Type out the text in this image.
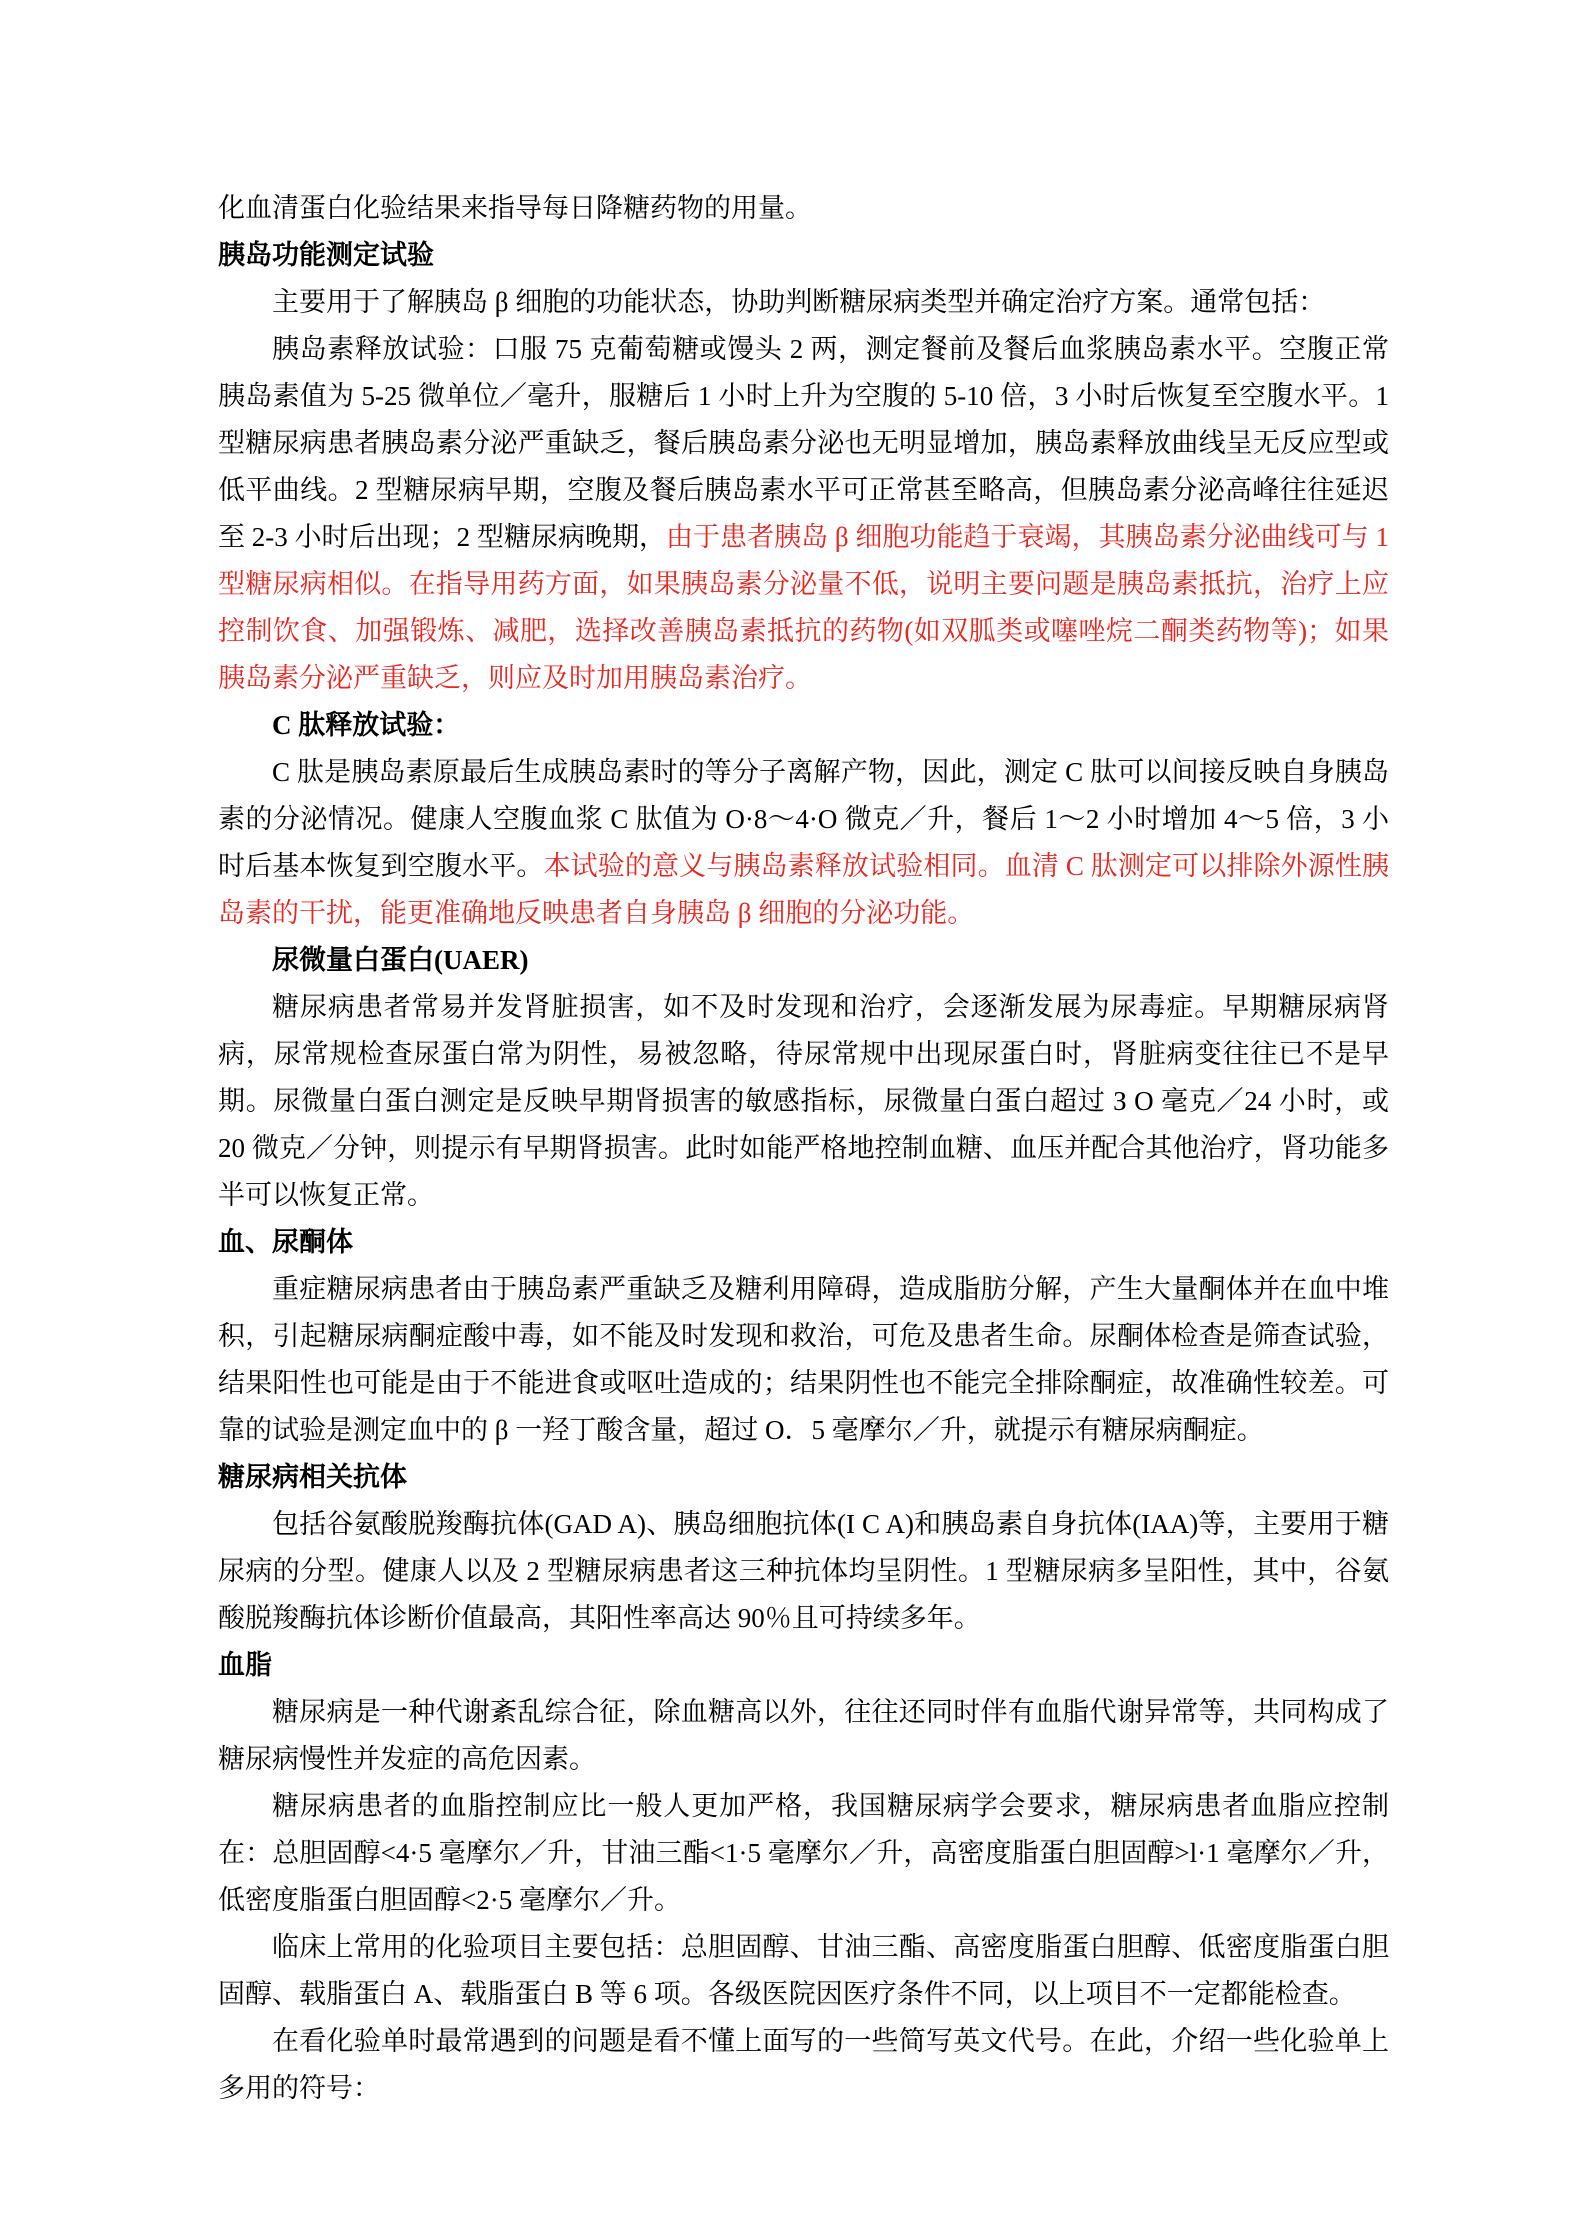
化血清蛋白化验结果来指导每日降糖药物的用量。

胰岛功能测定试验

主要用于了解胰岛 β 细胞的功能状态，协助判断糖尿病类型并确定治疗方案。通常包括：

胰岛素释放试验：口服 75 克葡萄糖或馒头 2 两，测定餐前及餐后血浆胰岛素水平。空腹正常胰岛素值为 5-25 微单位／毫升，服糖后 1 小时上升为空腹的 5-10 倍，3 小时后恢复至空腹水平。1 型糖尿病患者胰岛素分泌严重缺乏，餐后胰岛素分泌也无明显增加，胰岛素释放曲线呈无反应型或低平曲线。2 型糖尿病早期，空腹及餐后胰岛素水平可正常甚至略高，但胰岛素分泌高峰往往延迟至 2-3 小时后出现；2 型糖尿病晚期，由于患者胰岛 β 细胞功能趋于衰竭，其胰岛素分泌曲线可与 1 型糖尿病相似。在指导用药方面，如果胰岛素分泌量不低，说明主要问题是胰岛素抵抗，治疗上应控制饮食、加强锻炼、减肥，选择改善胰岛素抵抗的药物(如双胍类或噻唑烷二酮类药物等)；如果胰岛素分泌严重缺乏，则应及时加用胰岛素治疗。

C 肽释放试验：

C 肽是胰岛素原最后生成胰岛素时的等分子离解产物，因此，测定 C 肽可以间接反映自身胰岛素的分泌情况。健康人空腹血浆 C 肽值为 O·8～4·O 微克／升，餐后 1～2 小时增加 4～5 倍，3 小时后基本恢复到空腹水平。本试验的意义与胰岛素释放试验相同。血清 C 肽测定可以排除外源性胰岛素的干扰，能更准确地反映患者自身胰岛 β 细胞的分泌功能。

尿微量白蛋白(UAER)

糖尿病患者常易并发肾脏损害，如不及时发现和治疗，会逐渐发展为尿毒症。早期糖尿病肾病，尿常规检查尿蛋白常为阴性，易被忽略，待尿常规中出现尿蛋白时，肾脏病变往往已不是早期。尿微量白蛋白测定是反映早期肾损害的敏感指标，尿微量白蛋白超过 З O 毫克／24 小时，或 20 微克／分钟，则提示有早期肾损害。此时如能严格地控制血糖、血压并配合其他治疗，肾功能多半可以恢复正常。

血、尿酮体

重症糖尿病患者由于胰岛素严重缺乏及糖利用障碍，造成脂肪分解，产生大量酮体并在血中堆积，引起糖尿病酮症酸中毒，如不能及时发现和救治，可危及患者生命。尿酮体检查是筛查试验，结果阳性也可能是由于不能进食或呕吐造成的；结果阴性也不能完全排除酮症，故准确性较差。可靠的试验是测定血中的 β 一羟丁酸含量，超过 O．5 毫摩尔／升，就提示有糖尿病酮症。

糖尿病相关抗体

包括谷氨酸脱羧酶抗体(GAD A)、胰岛细胞抗体(I C A)和胰岛素自身抗体(IAA)等，主要用于糖尿病的分型。健康人以及 2 型糖尿病患者这三种抗体均呈阴性。1 型糖尿病多呈阳性，其中，谷氨酸脱羧酶抗体诊断价值最高，其阳性率高达 90％且可持续多年。

血脂

糖尿病是一种代谢紊乱综合征，除血糖高以外，往往还同时伴有血脂代谢异常等，共同构成了糖尿病慢性并发症的高危因素。

糖尿病患者的血脂控制应比一般人更加严格，我国糖尿病学会要求，糖尿病患者血脂应控制在：总胆固醇<4·5 毫摩尔／升，甘油三酯<1·5 毫摩尔／升，高密度脂蛋白胆固醇>l·1 毫摩尔／升，低密度脂蛋白胆固醇<2·5 毫摩尔／升。

临床上常用的化验项目主要包括：总胆固醇、甘油三酯、高密度脂蛋白胆醇、低密度脂蛋白胆固醇、载脂蛋白 A、载脂蛋白 B 等 6 项。各级医院因医疗条件不同，以上项目不一定都能检查。

在看化验单时最常遇到的问题是看不懂上面写的一些简写英文代号。在此，介绍一些化验单上多用的符号：
